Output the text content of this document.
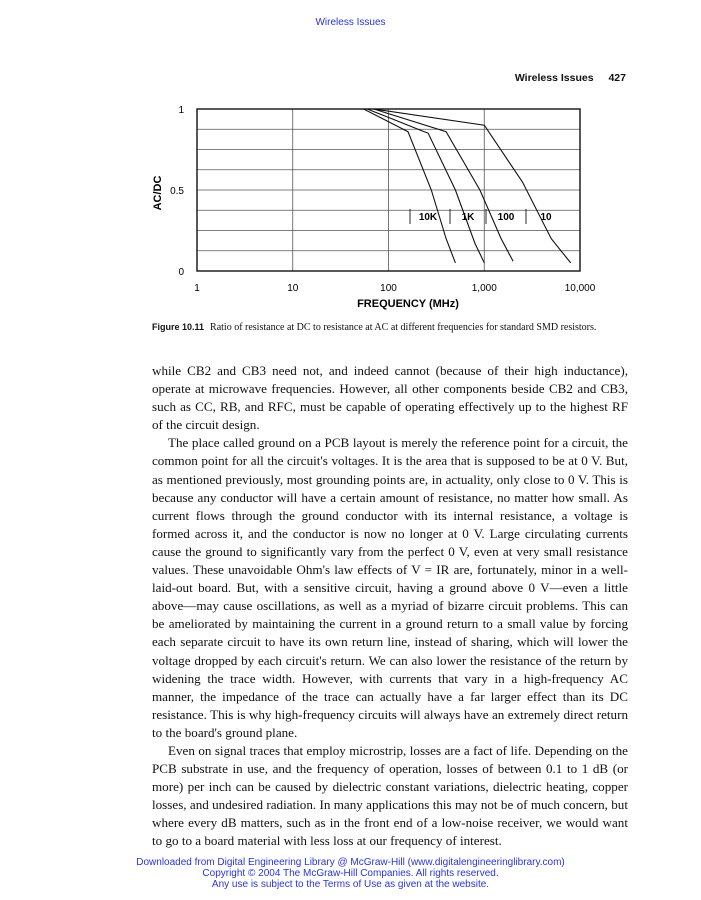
Wireless Issues
Wireless Issues 427
10K 1K 100	10
1	10	100	1,000	10,000
0
0.5
1
AC/DC
FREQUENCY (MHz)
Figure 10.11 Ratio of resistance at DC to resistance at AC at different frequencies for standard SMD resistors.

while CB2 and CB3 need not, and indeed cannot (because of their high inductance), operate at microwave frequencies. However, all other components beside CB2 and CB3, such as CC, RB, and RFC, must be capable of operating effectively up to the highest RF of the circuit design.

The place called ground on a PCB layout is merely the reference point for a circuit, the common point for all the circuit's voltages. It is the area that is supposed to be at 0 V. But, as mentioned previously, most grounding points are, in actuality, only close to 0 V. This is because any conductor will have a certain amount of resistance, no matter how small. As current flows through the ground conductor with its internal resistance, a voltage is formed across it, and the conductor is now no longer at 0 V. Large circulating currents cause the ground to significantly vary from the perfect 0 V, even at very small resistance values. These unavoidable Ohm's law effects of V = IR are, fortunately, minor in a well-laid-out board. But, with a sensitive circuit, having a ground above 0 V—even a little above—may cause oscillations, as well as a myriad of bizarre circuit problems. This can be ameliorated by maintaining the current in a ground return to a small value by forcing each separate circuit to have its own return line, instead of sharing, which will lower the voltage dropped by each circuit's return. We can also lower the resistance of the return by widening the trace width. However, with currents that vary in a high-frequency AC manner, the impedance of the trace can actually have a far larger effect than its DC resistance. This is why high-frequency circuits will always have an extremely direct return to the board's ground plane.

Even on signal traces that employ microstrip, losses are a fact of life. Depending on the PCB substrate in use, and the frequency of operation, losses of between 0.1 to 1 dB (or more) per inch can be caused by dielectric constant variations, dielectric heating, copper losses, and undesired radiation. In many applications this may not be of much concern, but where every dB matters, such as in the front end of a low-noise receiver, we would want to go to a board material with less loss at our frequency of interest.

Downloaded from Digital Engineering Library @ McGraw-Hill (www.digitalengineeringlibrary.com)
Copyright © 2004 The McGraw-Hill Companies. All rights reserved.
Any use is subject to the Terms of Use as given at the website.
